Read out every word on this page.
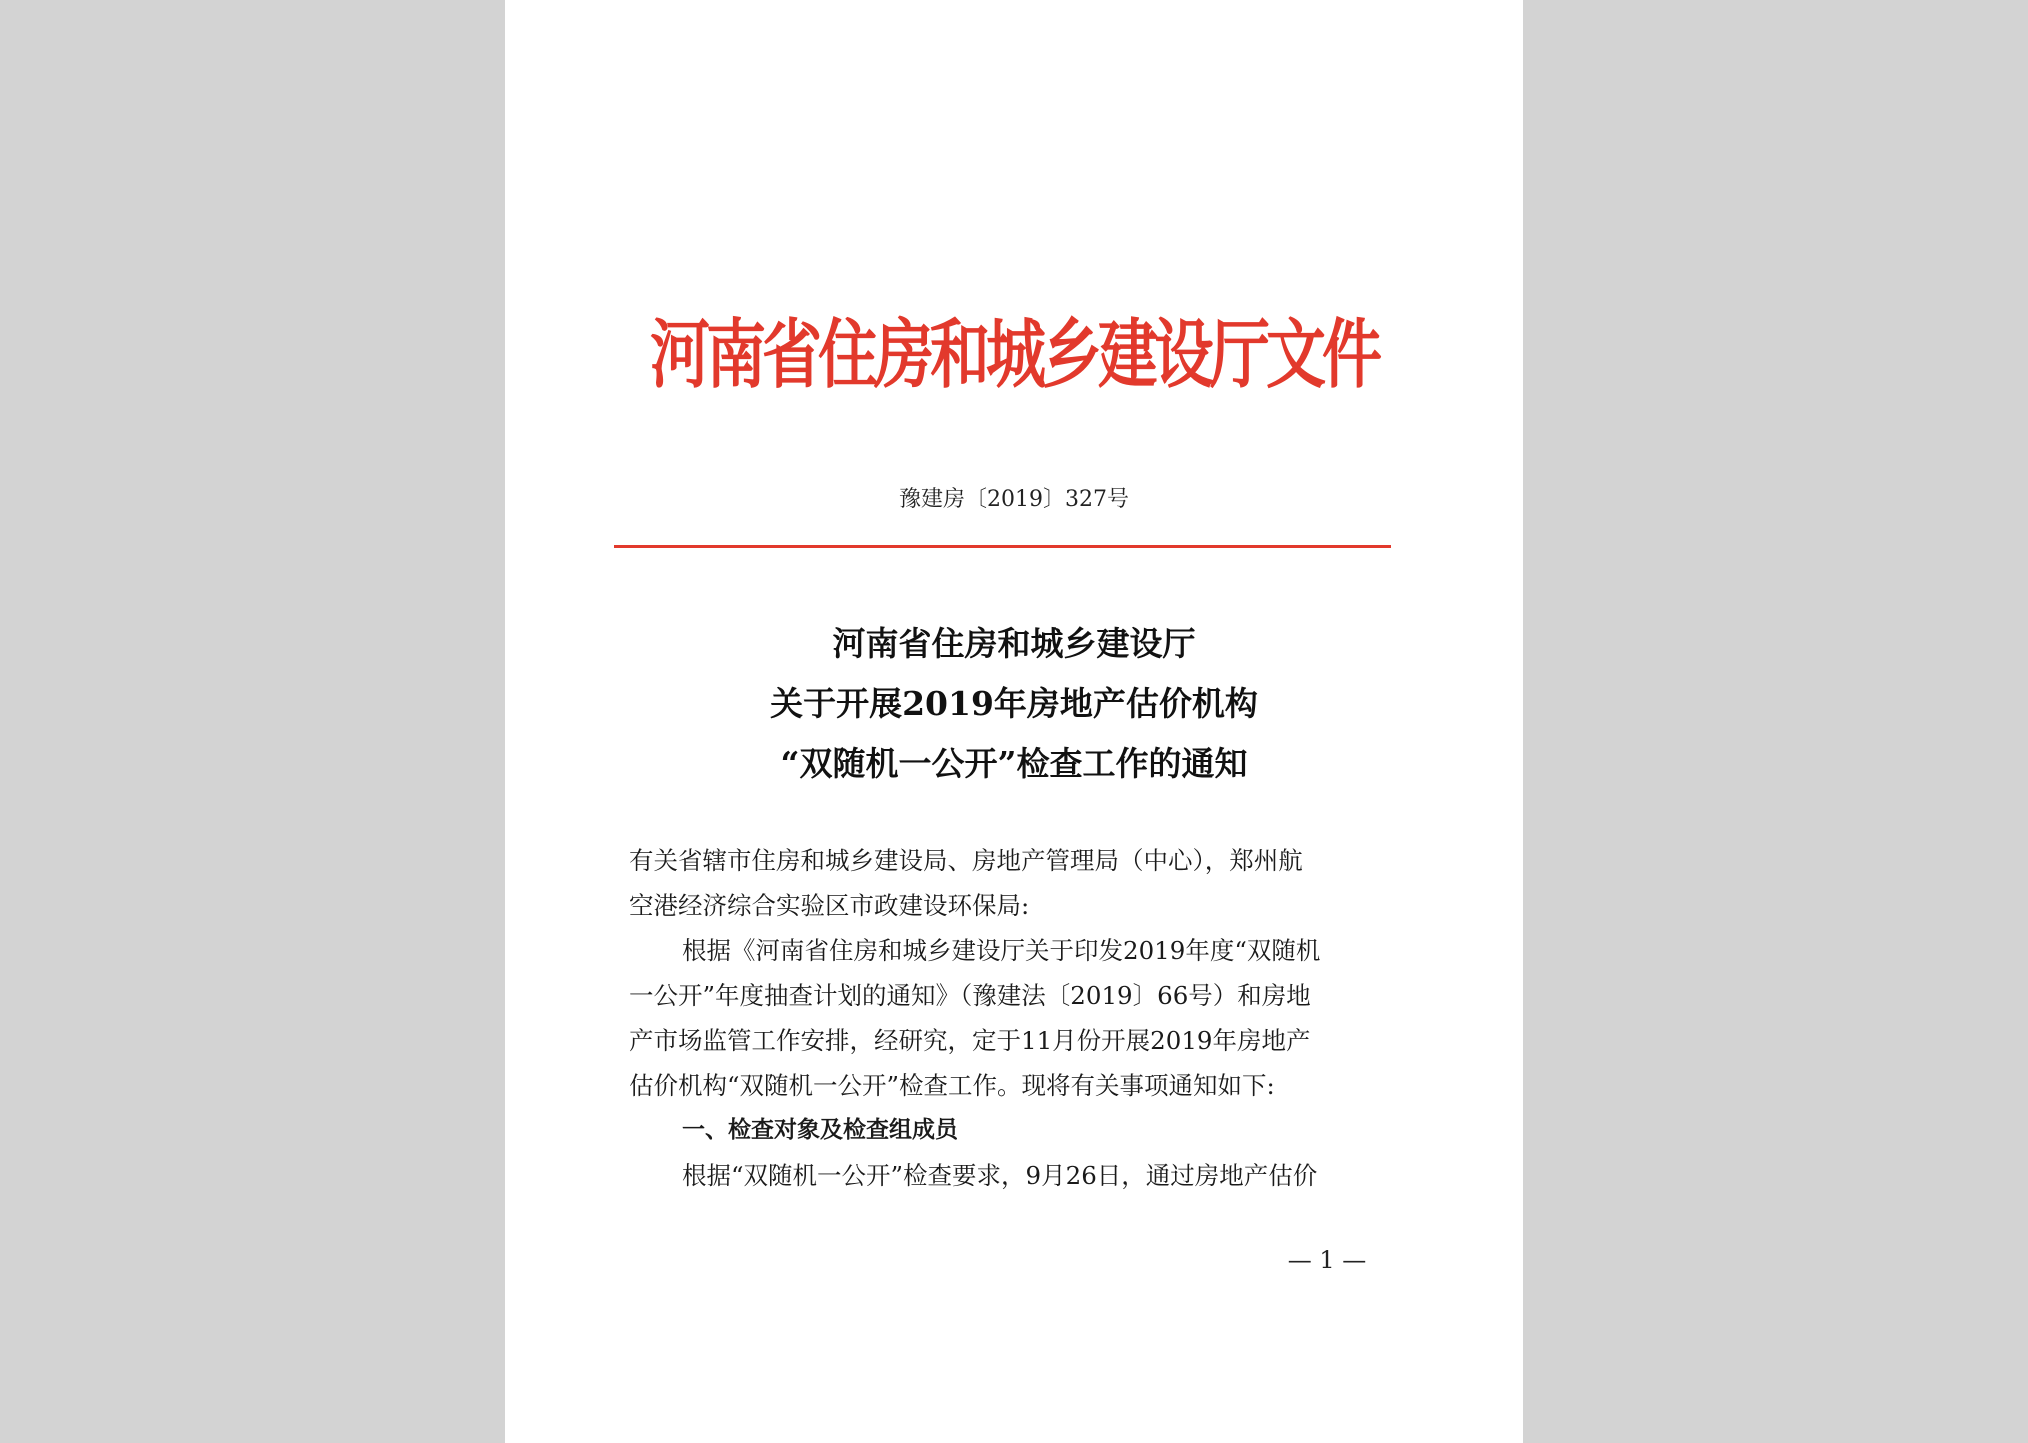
河南省住房和城乡建设厅文件
豫建房〔2019〕327号
河南省住房和城乡建设厅
关于开展2019年房地产估价机构
“双随机一公开”检查工作的通知

有关省辖市住房和城乡建设局、房地产管理局（中心），郑州航

空港经济综合实验区市政建设环保局:

根据《河南省住房和城乡建设厅关于印发2019年度“双随机

一公开”年度抽查计划的通知》（豫建法〔2019〕66号）和房地

产市场监管工作安排，经研究，定于11月份开展2019年房地产

估价机构“双随机一公开”检查工作。现将有关事项通知如下:

一、检查对象及检查组成员

根据“双随机一公开”检查要求，9月26日，通过房地产估价

— 1 —
